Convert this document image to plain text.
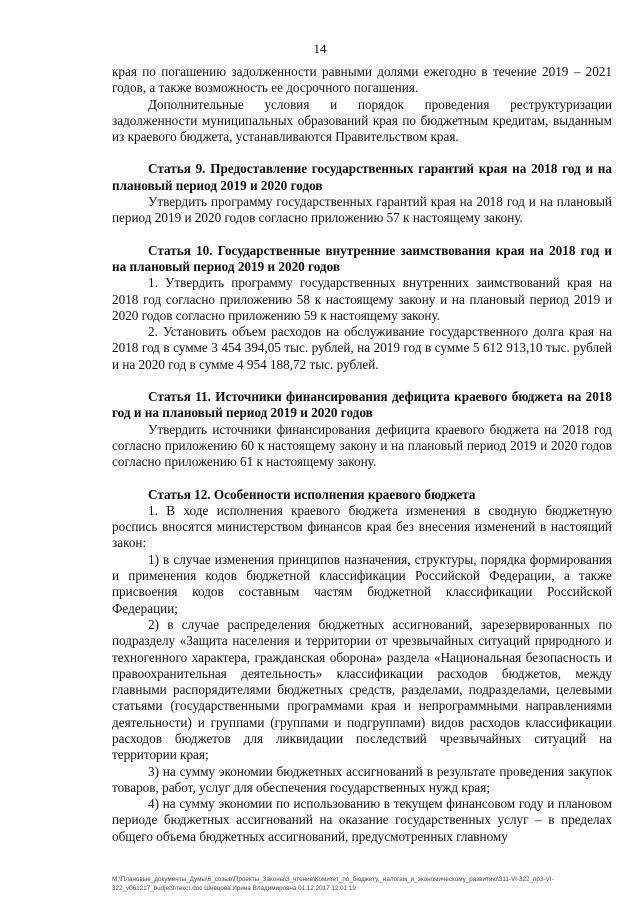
14

края по погашению задолженности равными долями ежегодно в течение 2019 – 2021 годов, а также возможность ее досрочного погашения.

Дополнительные условия и порядок проведения реструктуризации задолженности муниципальных образований края по бюджетным кредитам, выданным из краевого бюджета, устанавливаются Правительством края.

Статья 9. Предоставление государственных гарантий края на 2018 год и на плановый период 2019 и 2020 годов

Утвердить программу государственных гарантий края на 2018 год и на плановый период 2019 и 2020 годов согласно приложению 57 к настоящему закону.

Статья 10. Государственные внутренние заимствования края на 2018 год и на плановый период 2019 и 2020 годов

1. Утвердить программу государственных внутренних заимствований края на 2018 год согласно приложению 58 к настоящему закону и на плановый период 2019 и 2020 годов согласно приложению 59 к настоящему закону.

2. Установить объем расходов на обслуживание государственного долга края на 2018 год в сумме 3 454 394,05 тыс. рублей, на 2019 год в сумме 5 612 913,10 тыс. рублей и на 2020 год в сумме 4 954 188,72 тыс. рублей.

Статья 11. Источники финансирования дефицита краевого бюджета на 2018 год и на плановый период 2019 и 2020 годов

Утвердить источники финансирования дефицита краевого бюджета на 2018 год согласно приложению 60 к настоящему закону и на плановый период 2019 и 2020 годов согласно приложению 61 к настоящему закону.

Статья 12. Особенности исполнения краевого бюджета

1. В ходе исполнения краевого бюджета изменения в сводную бюджетную роспись вносятся министерством финансов края без внесения изменений в настоящий закон:

1) в случае изменения принципов назначения, структуры, порядка формирования и применения кодов бюджетной классификации Российской Федерации, а также присвоения кодов составным частям бюджетной классификации Российской Федерации;

2) в случае распределения бюджетных ассигнований, зарезервированных по подразделу «Защита населения и территории от чрезвычайных ситуаций природного и техногенного характера, гражданская оборона» раздела «Национальная безопасность и правоохранительная деятельность» классификации расходов бюджетов, между главными распорядителями бюджетных средств, разделами, подразделами, целевыми статьями (государственными программами края и непрограммными направлениями деятельности) и группами (группами и подгруппами) видов расходов классификации расходов бюджетов для ликвидации последствий чрезвычайных ситуаций на территории края;

3) на сумму экономии бюджетных ассигнований в результате проведения закупок товаров, работ, услуг для обеспечения государственных нужд края;

4) на сумму экономии по использованию в текущем финансовом году и плановом периоде бюджетных ассигнований на оказание государственных услуг – в пределах общего объема бюджетных ассигнований, предусмотренных главному

М:\Плановые_документы_Думы\6_созыв\Проекты_Законы\3_чтение\Комитет_по_бюджету,_налогам_и_экономическому_развитию\311-VI-322_пр3-VI-
322_v061217_budjet9\текст.doc Шевцова Ирина Владимировна 01.12.2017 12:01:19
